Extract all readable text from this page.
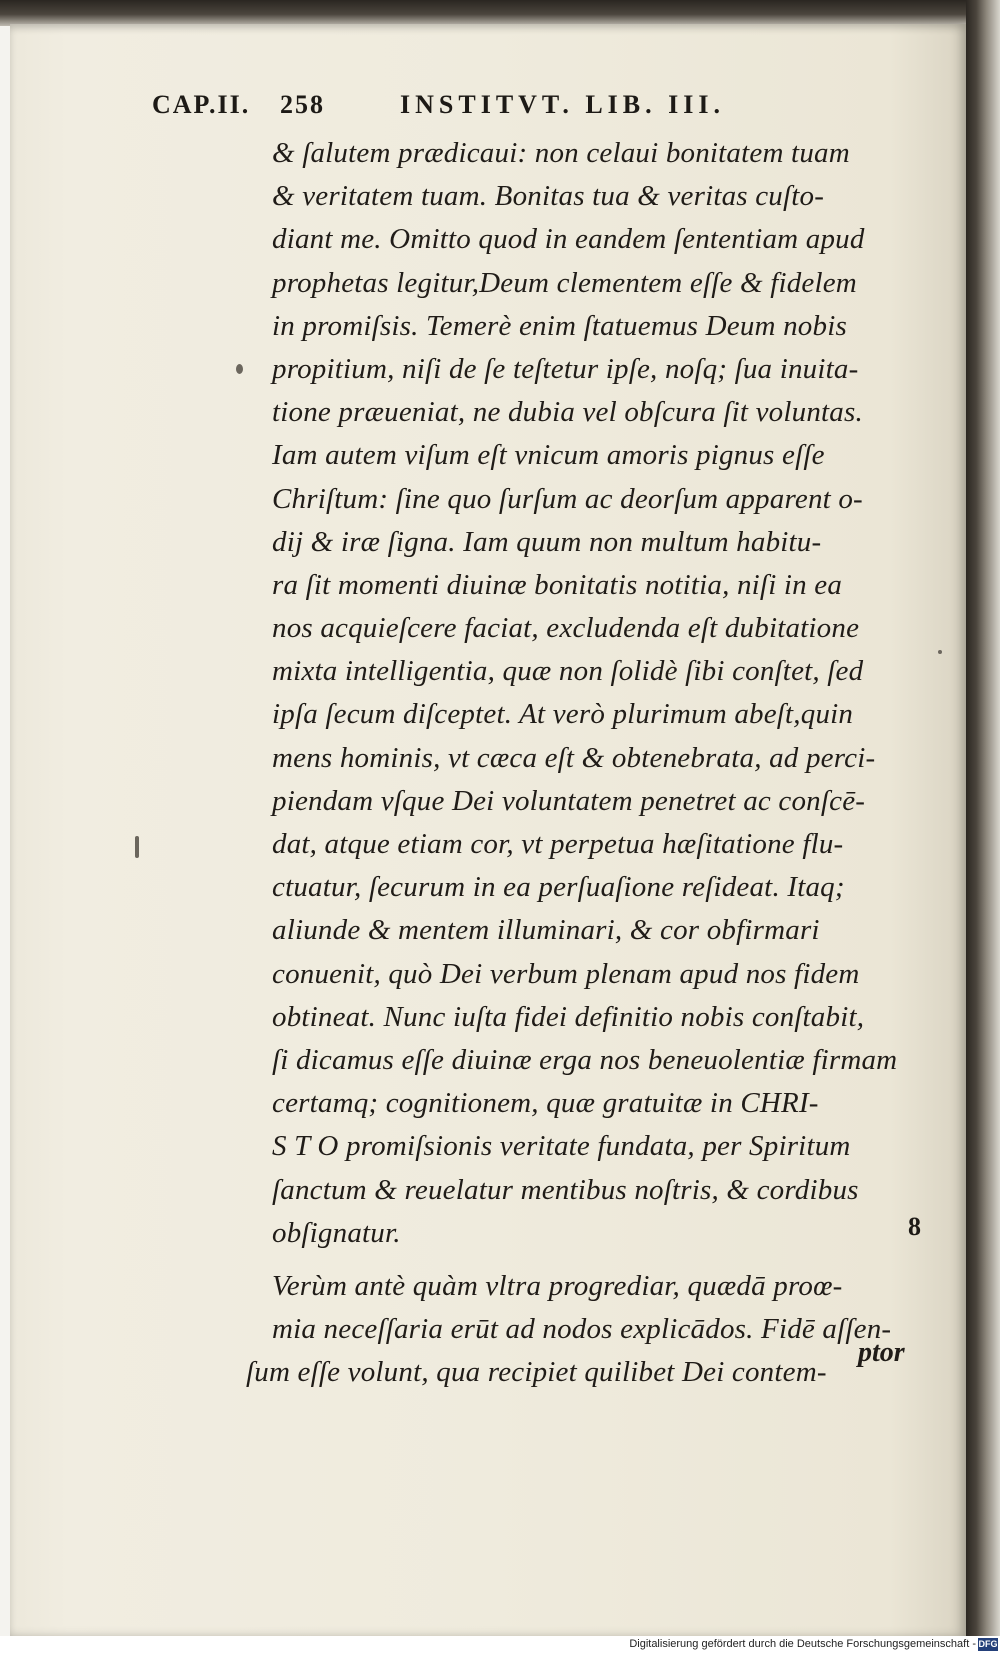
CAP.II. 258	INSTITVT. LIB. III.
& ſalutem prædicaui: non celaui bonitatem tuam
& veritatem tuam. Bonitas tua & veritas cuſto-
diant me. Omitto quod in eandem ſententiam apud
prophetas legitur,Deum clementem eſſe & fidelem
in promiſsis. Temerè enim ſtatuemus Deum nobis
propitium, niſi de ſe teſtetur ipſe, noſq; ſua inuita-
tione præueniat, ne dubia vel obſcura ſit voluntas.
Iam autem viſum eſt vnicum amoris pignus eſſe
Chriſtum: ſine quo ſurſum ac deorſum apparent o-
dij & iræ ſigna. Iam quum non multum habitu-
ra ſit momenti diuinæ bonitatis notitia, niſi in ea
nos acquieſcere faciat, excludenda eſt dubitatione
mixta intelligentia, quæ non ſolidè ſibi conſtet, ſed
ipſa ſecum diſceptet. At verò plurimum abeſt,quin
mens hominis, vt cæca eſt & obtenebrata, ad perci-
piendam vſque Dei voluntatem penetret ac conſcē-
dat, atque etiam cor, vt perpetua hæſitatione flu-
ctuatur, ſecurum in ea perſuaſione reſideat. Itaq;
aliunde & mentem illuminari, & cor obfirmari
conuenit, quò Dei verbum plenam apud nos fidem
obtineat. Nunc iuſta fidei definitio nobis conſtabit,
ſi dicamus eſſe diuinæ erga nos beneuolentiæ firmam
certamq; cognitionem, quæ gratuitæ in CHRI-
S T O promiſsionis veritate fundata, per Spiritum
ſanctum & reuelatur mentibus noſtris, & cordibus
obſignatur.
Verùm antè quàm vltra progrediar, quædā proœ-
mia neceſſaria erūt ad nodos explicādos. Fidē aſſen-
ſum eſſe volunt, qua recipiet quilibet Dei contem-
8
ptor
Digitalisierung gefördert durch die Deutsche Forschungsgemeinschaft - DFG
